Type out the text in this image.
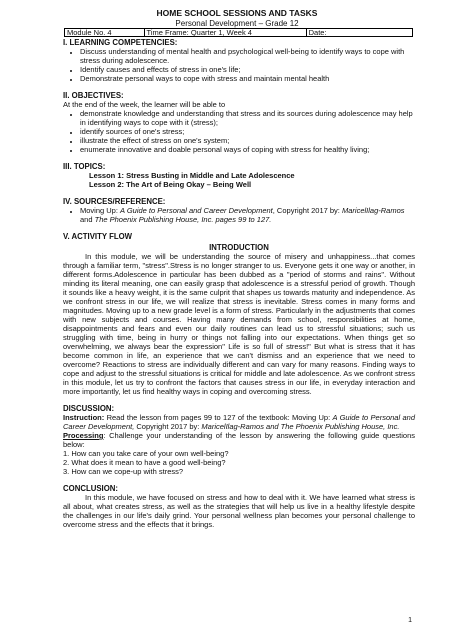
HOME SCHOOL SESSIONS AND TASKS
Personal Development – Grade 12
Module No. 4	Time Frame: Quarter 1, Week 4	Date:____________________

I. LEARNING COMPETENCIES:

• Discuss understanding of mental health and psychological well-being to identify ways to cope with stress during adolescence.
• Identify causes and effects of stress in one's life;
• Demonstrate personal ways to cope with stress and maintain mental health

II. OBJECTIVES:

At the end of the week, the learner will be able to
• demonstrate knowledge and understanding that stress and its sources during adolescence may help in identifying ways to cope with it (stress);
• identify sources of one's stress;
• illustrate the effect of stress on one's system;
• enumerate innovative and doable personal ways of coping with stress for healthy living;

III. TOPICS:

Lesson 1: Stress Busting in Middle and Late Adolescence
Lesson 2: The Art of Being Okay – Being Well

IV. SOURCES/REFERENCE:

• Moving Up: A Guide to Personal and Career Development, Copyright 2017 by: MaricelIlag-Ramos and The Phoenix Publishing House, Inc. pages 99 to 127.

V. ACTIVITY FLOW

INTRODUCTION

In this module, we will be understanding the source of misery and unhappiness...that comes through a familiar term, "stress".Stress is no longer stranger to us. Everyone gets it one way or another, in different forms.Adolescence in particular has been dubbed as a "period of storms and rains". Without minding its literal meaning, one can easily grasp that adolescence is a stressful period of growth. Though it sounds like a heavy weight, it is the same culprit that shapes us towards maturity and independence. As we confront stress in our life, we will realize that stress is inevitable. Stress comes in many forms and magnitudes. Moving up to a new grade level is a form of stress. Particularly in the adjustments that comes with new subjects and courses. Having many demands from school, responsibilities at home, disappointments and fears and even our daily routines can lead us to stressful situations; such us struggling with time, being in hurry or things not falling into our expectations. When things get so overwhelming, we always bear the expression" Life is so full of stress!" But what is stress that it has become common in life, an experience that we can't dismiss and an experience that we need to overcome? Reactions to stress are individually different and can vary for many reasons. Finding ways to cope and adjust to the stressful situations is critical for middle and late adolescence. As we confront stress in this module, let us try to confront the factors that causes stress in our life, in everyday interaction and more importantly, let us find healthy ways in coping and overcoming stress.

DISCUSSION:

Instruction: Read the lesson from pages 99 to 127 of the textbook: Moving Up: A Guide to Personal and Career Development, Copyright 2017 by: MaricelIlag-Ramos and The Phoenix Publishing House, Inc.

Processing: Challenge your understanding of the lesson by answering the following guide questions below:

1. How can you take care of your own well-being?
2. What does it mean to have a good well-being?
3. How can we cope-up with stress?

CONCLUSION:

In this module, we have focused on stress and how to deal with it. We have learned what stress is all about, what creates stress, as well as the strategies that will help us live in a healthy lifestyle despite the challenges in our life's daily grind. Your personal wellness plan becomes your personal challenge to overcome stress and the effects that it brings.

1
